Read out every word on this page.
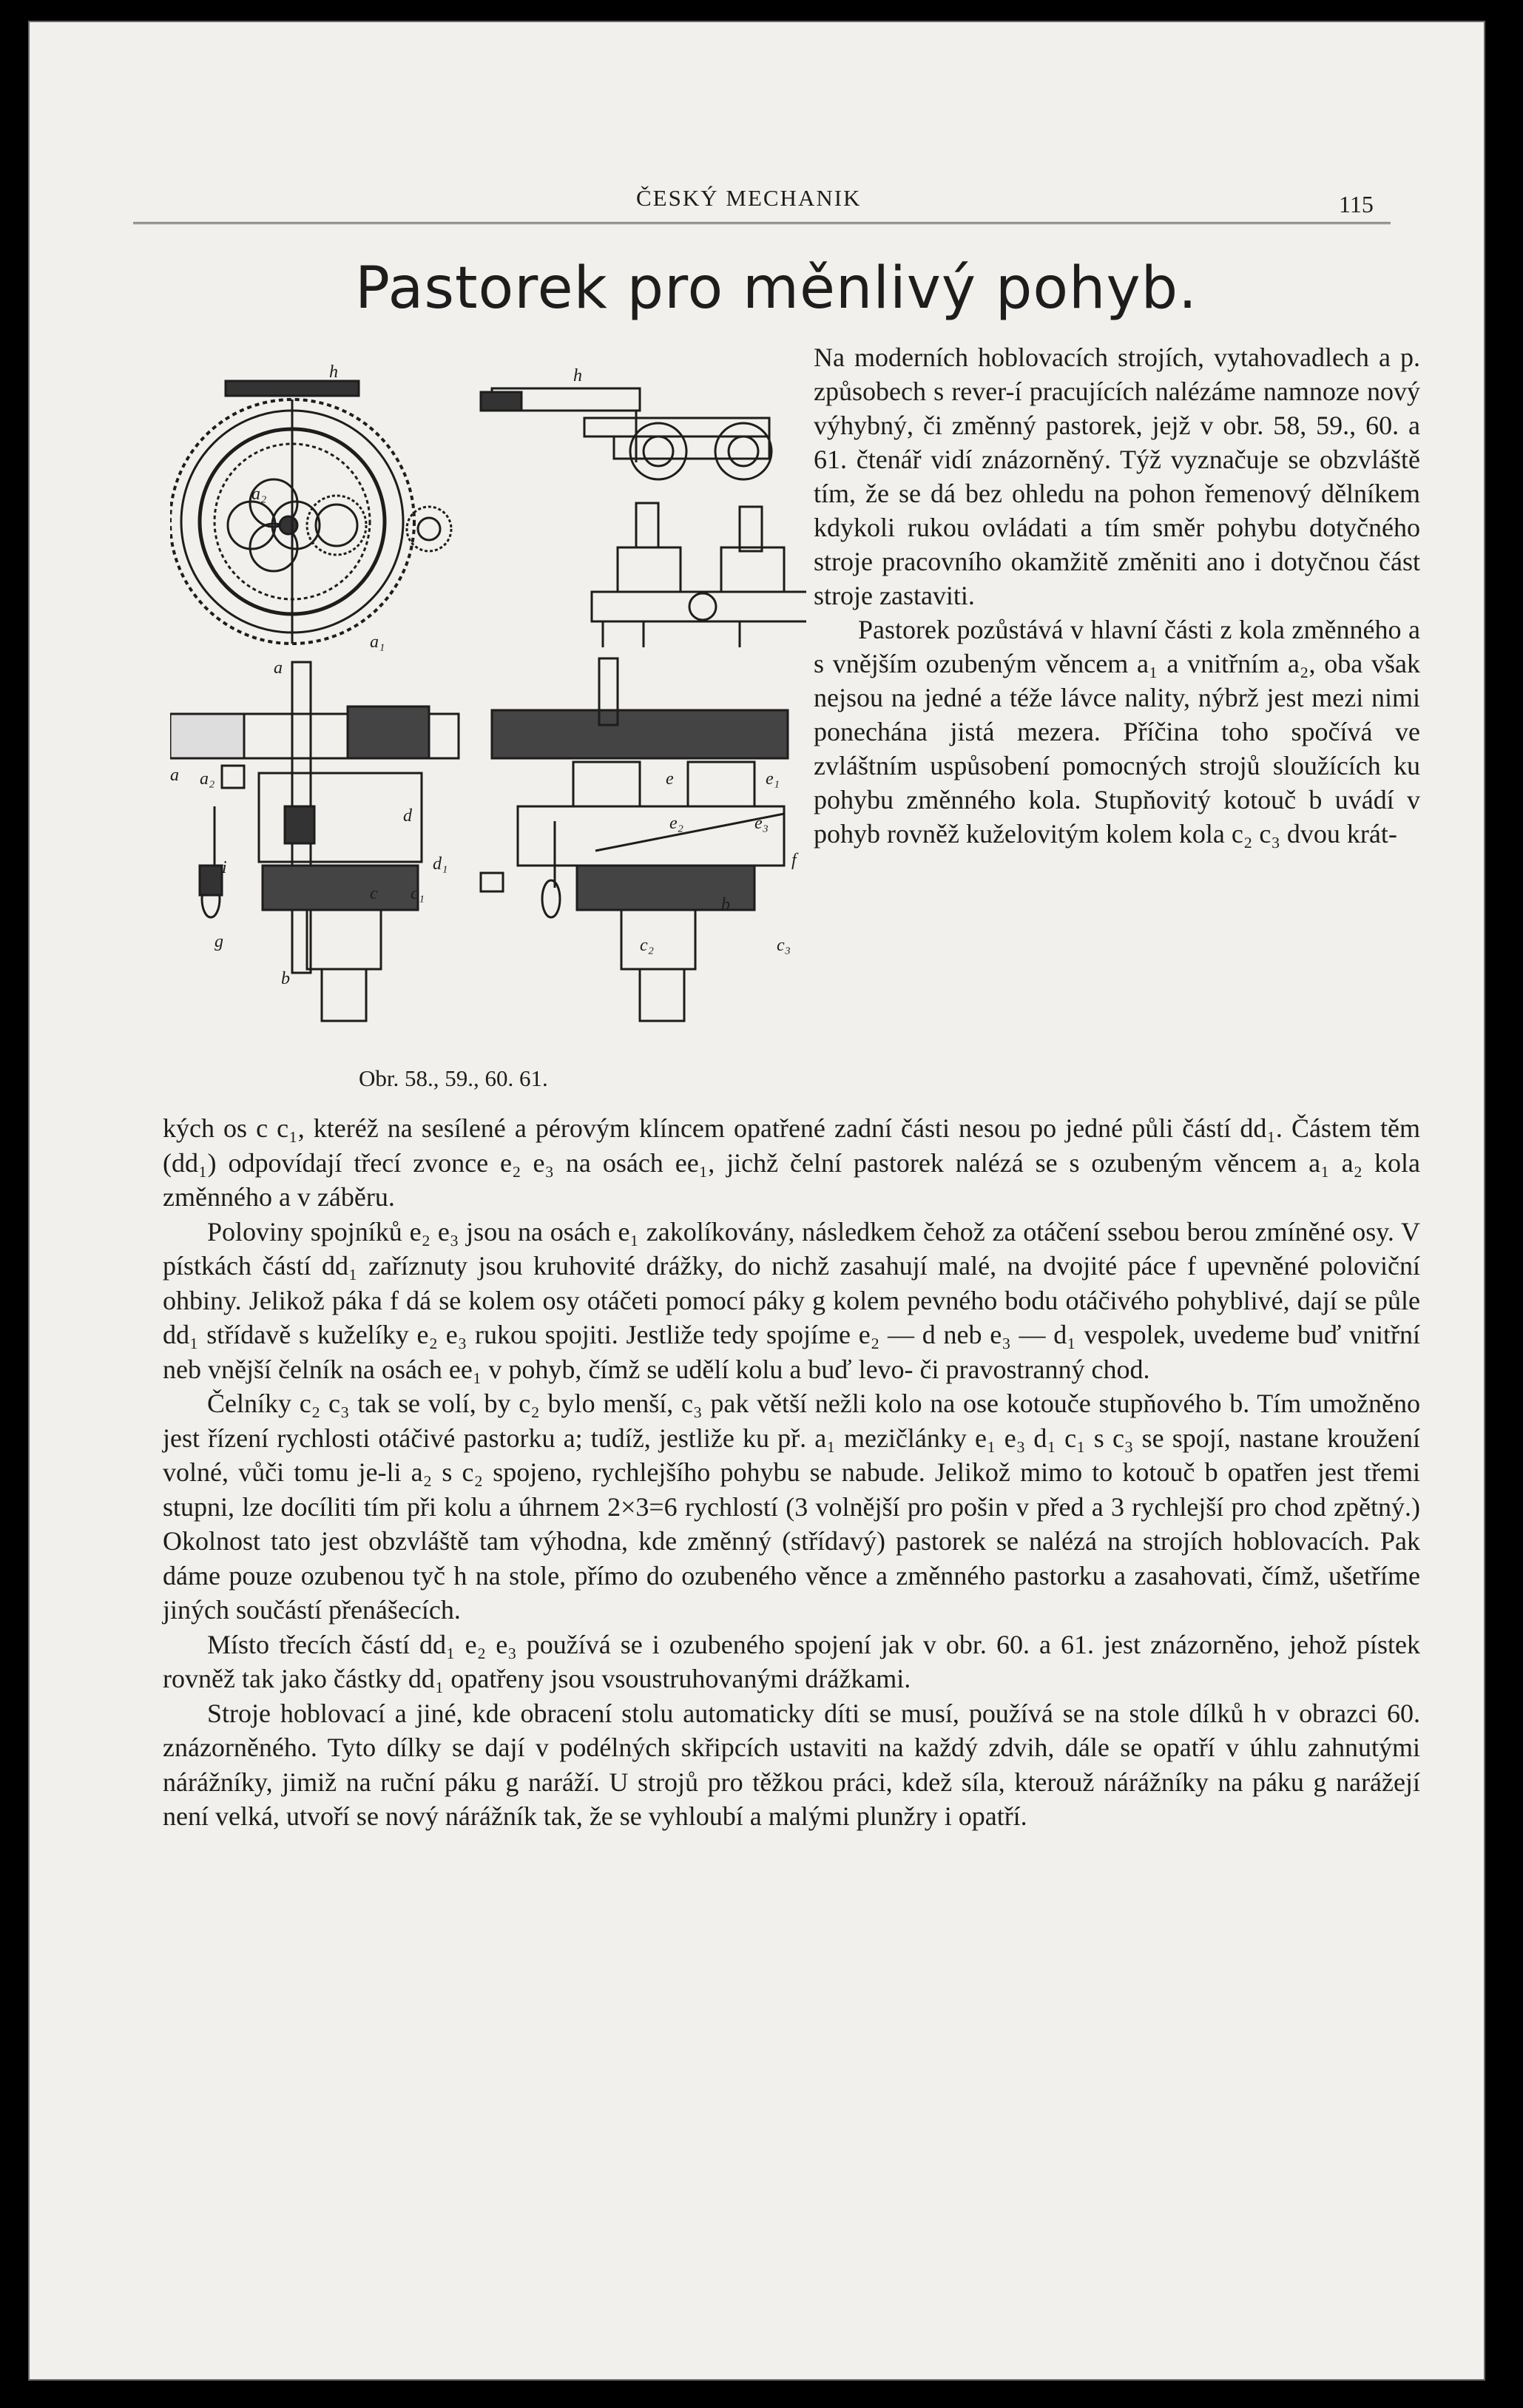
ČESKÝ MECHANIK	115
Pastorek pro měnlivý pohyb.
h	h
a
a₁
a₂
a a₂	e	e₁
e₂	e₃
d
d₁
c c₁
c₂	c₃
i
g
b
f
b
Obr. 58., 59., 60. 61.

Na moderních hoblovacích strojích, vytahovadlech a p. způsobech s rever-í pracujících nalézáme namnoze nový výhybný, či změnný pastorek, jejž v obr. 58, 59., 60. a 61. čtenář vidí znázorněný. Týž vyznačuje se obzvláště tím, že se dá bez ohledu na pohon řemenový dělníkem kdykoli rukou ovládati a tím směr pohybu dotyčného stroje pracovního okamžitě změniti ano i dotyčnou část stroje zastaviti.

Pastorek pozůstává v hlavní části z kola změnného a s vnějším ozubeným věncem a₁ a vnitřním a₂, oba však nejsou na jedné a téže lávce nality, nýbrž jest mezi nimi ponechána jistá mezera. Příčina toho spočívá ve zvláštním uspůsobení pomocných strojů sloužících ku pohybu změnného kola. Stupňovitý kotouč b uvádí v pohyb rovněž kuželovitým kolem kola c₂ c₃ dvou krát-

kých os c c₁, kteréž na sesílené a pérovým klíncem opatřené zadní části nesou po jedné půli částí dd₁. Částem těm (dd₁) odpovídají třecí zvonce e₂ e₃ na osách ee₁, jichž čelní pastorek nalézá se s ozubeným věncem a₁ a₂ kola změnného a v záběru.

Poloviny spojníků e₂ e₃ jsou na osách e₁ zakolíkovány, následkem čehož za otáčení ssebou berou zmíněné osy. V pístkách částí dd₁ zaříznuty jsou kruhovité drážky, do nichž zasahují malé, na dvojité páce f upevněné poloviční ohbiny. Jelikož páka f dá se kolem osy otáčeti pomocí páky g kolem pevného bodu otáčivého pohyblivé, dají se půle dd₁ střídavě s kuželíky e₂ e₃ rukou spojiti. Jestliže tedy spojíme e₂ — d neb e₃ — d₁ vespolek, uvedeme buď vnitřní neb vnější čelník na osách ee₁ v pohyb, čímž se udělí kolu a buď levo- či pravostranný chod.

Čelníky c₂ c₃ tak se volí, by c₂ bylo menší, c₃ pak větší nežli kolo na ose kotouče stupňového b. Tím umožněno jest řízení rychlosti otáčivé pastorku a; tudíž, jestliže ku př. a₁ mezičlánky e₁ e₃ d₁ c₁ s c₃ se spojí, nastane kroužení volné, vůči tomu je-li a₂ s c₂ spojeno, rychlejšího pohybu se nabude. Jelikož mimo to kotouč b opatřen jest třemi stupni, lze docíliti tím při kolu a úhrnem 2×3=6 rychlostí (3 volnější pro pošin v před a 3 rychlejší pro chod zpětný.) Okolnost tato jest obzvláště tam výhodna, kde změnný (střídavý) pastorek se nalézá na strojích hoblovacích. Pak dáme pouze ozubenou tyč h na stole, přímo do ozubeného věnce a změnného pastorku a zasahovati, čímž, ušetříme jiných součástí přenášecích.

Místo třecích částí dd₁ e₂ e₃ používá se i ozubeného spojení jak v obr. 60. a 61. jest znázorněno, jehož pístek rovněž tak jako částky dd₁ opatřeny jsou vsoustruhovanými drážkami.

Stroje hoblovací a jiné, kde obracení stolu automaticky díti se musí, používá se na stole dílků h v obrazci 60. znázorněného. Tyto dílky se dají v podélných skřipcích ustaviti na každý zdvih, dále se opatří v úhlu zahnutými nárážníky, jimiž na ruční páku g naráží. U strojů pro těžkou práci, kdež síla, kterouž nárážníky na páku g narážejí není velká, utvoří se nový nárážník tak, že se vyhloubí a malými plunžry i opatří.
